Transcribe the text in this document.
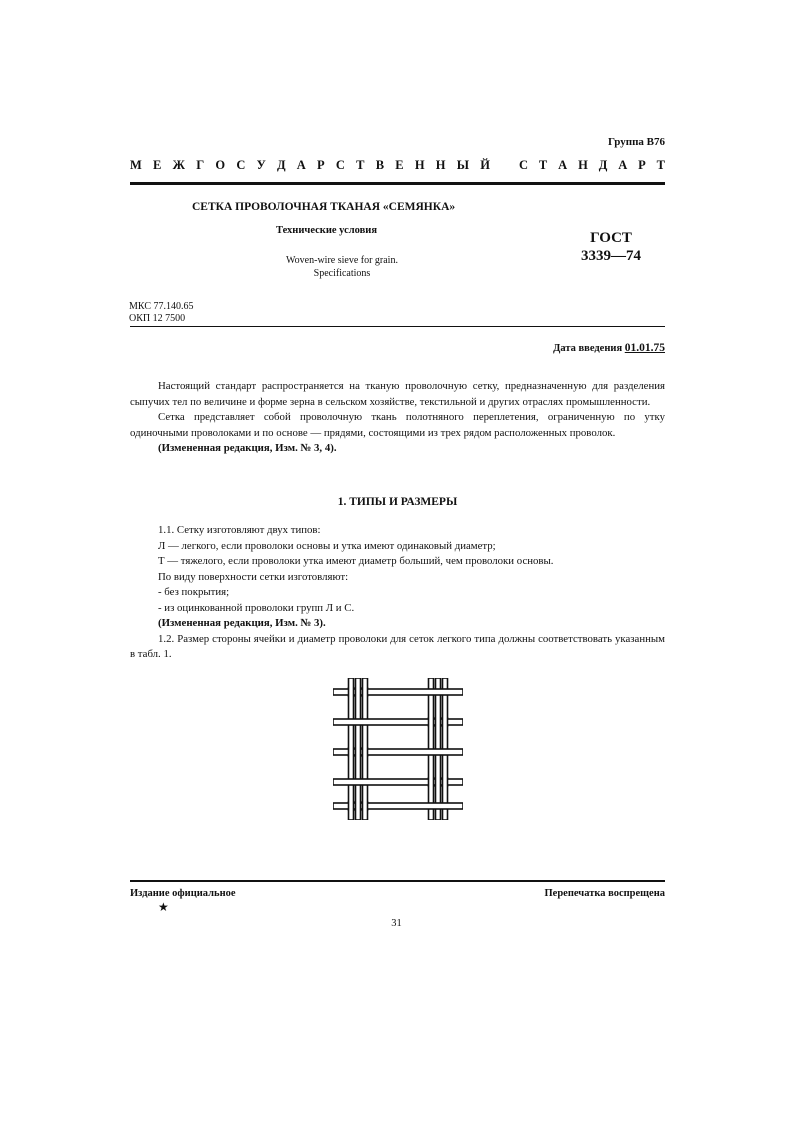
Группа В76
М Е Ж Г О С У Д А Р С Т В Е Н Н Ы Й С Т А Н Д А Р Т
СЕТКА ПРОВОЛОЧНАЯ ТКАНАЯ «СЕМЯНКА»
Технические условия
Woven-wire sieve for grain.
Specifications
ГОСТ
3339—74
МКС 77.140.65
ОКП 12 7500
Дата введения 01.01.75

Настоящий стандарт распространяется на тканую проволочную сетку, предназначенную для разделения сыпучих тел по величине и форме зерна в сельском хозяйстве, текстильной и других отраслях промышленности.

Сетка представляет собой проволочную ткань полотняного переплетения, ограниченную по утку одиночными проволоками и по основе — прядями, состоящими из трех рядом расположенных проволок.

(Измененная редакция, Изм. № 3, 4).

1. ТИПЫ И РАЗМЕРЫ

1.1. Сетку изготовляют двух типов:

Л — легкого, если проволоки основы и утка имеют одинаковый диаметр;

Т — тяжелого, если проволоки утка имеют диаметр больший, чем проволоки основы.

По виду поверхности сетки изготовляют:

- без покрытия;

- из оцинкованной проволоки групп Л и С.

(Измененная редакция, Изм. № 3).

1.2. Размер стороны ячейки и диаметр проволоки для сеток легкого типа должны соответствовать указанным в табл. 1.

Издание официальное	Перепечатка воспрещена
★
31
